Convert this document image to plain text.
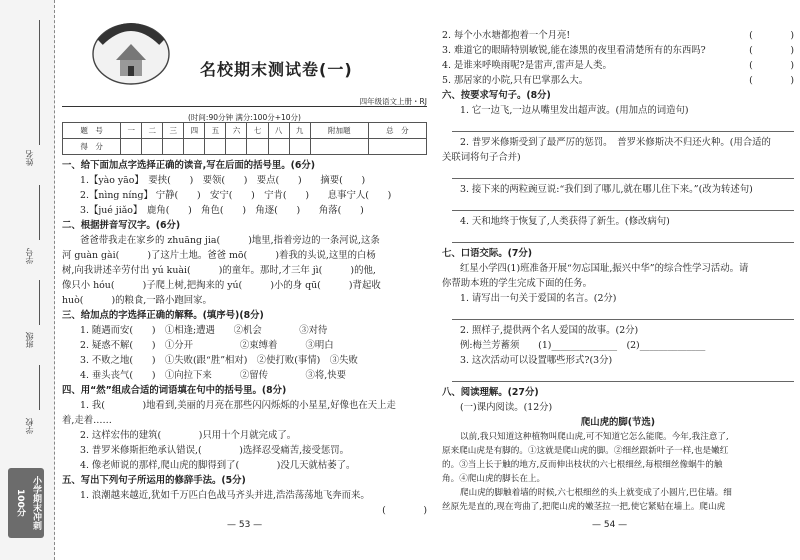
姓名
学号
班级
学校
小学期末冲刺100分
名校期末测试卷(一)
四年级语文上册・RJ
(时间:90分钟 满分:100分+10分)
题　号	一	二	三	四	五	六	七	八	九	附加题	总　分
得　分											
一、给下面加点字选择正确的读音,写在后面的括号里。(6分)
1.【yào yāo】　要挟(　　)　要领(　　)　要点(　　)　　摘要(　　)
2.【nìng níng】 宁静(　　)　安宁(　　)　宁肯(　　)　　息事宁人(　　)
3.【jué jiǎo】　鹿角(　　)　角色(　　)　角逐(　　)　　角落(　　)
二、根据拼音写汉字。(6分)
爸爸带我走在家乡的 zhuāng jia(　　　)地里,指着旁边的一条河说,这条
河 guàn gài(　　　)了这片土地。爸爸 mō(　　　)着我的头说,这里的白杨
树,向我讲述辛劳付出 yú kuài(　　　)的童年。那时,才三年 jì(　　　)的他,
像只小 hóu(　　　)子爬上树,把掏来的 yú(　　　)小的身 qū(　　　)背起收
huò(　　　)的粮食,一路小跑回家。
三、给加点的字选择正确的解释。(填序号)(8分)
1. 随遇而安(　　)　①相逢;遭遇　　②机会　　　　③对待
2. 疑惑不解(　　)　①分开　　　　　②束缚着　　　③明白
3. 不败之地(　　)　①失败(跟“胜”相对)　②使打败(事情)　③失败
4. 垂头丧气(　　)　①向拉下来　　　②留传　　　　③将,快要
四、用“然”组成合适的词语填在句中的括号里。(8分)
1. 我(　　　　)地看到,美丽的月亮在那些闪闪烁烁的小星星,好像也在天上走
着,走着……
2. 这样宏伟的建筑(　　　　)只用十个月就完成了。
3. 普罗米修斯拒绝承认错误,(　　　　)选择忍受痛苦,接受惩罚。
4. 像老师说的那样,爬山虎的脚得到了(　　　　)没几天就枯萎了。
五、写出下列句子所运用的修辞手法。(5分)
1. 浪潮越来越近,犹如千万匹白色战马齐头并进,浩浩荡荡地飞奔而来。
(　　　　)
— 53 —
2. 每个小水塘都抱着一个月亮!	(　　　　)
3. 难道它的眼睛特别敏锐,能在漆黑的夜里看清楚所有的东西吗?	(　　　　)
4. 是谁来呼唤雨呢?是雷声,雷声是人类。	(　　　　)
5. 那居家的小院,只有巴掌那么大。	(　　　　)
六、按要求写句子。(8分)
1. 它一边飞,一边从嘴里发出超声波。(用加点的词造句)
2. 普罗米修斯受到了最严厉的惩罚。　普罗米修斯决不归还火种。(用合适的
关联词将句子合并)
3. 接下来的两粒豌豆说:“我们到了哪儿,就在哪儿住下来。”(改为转述句)
4. 天和地终于恢复了,人类获得了新生。(修改病句)
七、口语交际。(7分)
红星小学四(1)班准备开展“勿忘国耻,振兴中华”的综合性学习活动。请
你帮助本班的学生完成下面的任务。
1. 请写出一句关于爱国的名言。(2分)
2. 照样子,提供两个名人爱国的故事。(2分)
例:梅兰芳蓄须　　(1)______________　(2)______________
3. 这次活动可以设置哪些形式?(3分)
八、阅读理解。(27分)
(一)课内阅读。(12分)
爬山虎的脚(节选)
以前,我只知道这种植物叫爬山虎,可不知道它怎么能爬。今年,我注意了,
原来爬山虎是有脚的。①这就是爬山虎的脚。②细丝跟新叶子一样,也是嫩红
的。③当上长于触的地方,反而伸出枝状的六七根细丝,每根细丝像蜗牛的触
角。④爬山虎的脚长在上。
爬山虎的脚触着墙的时候,六七根细丝的头上就变成了小圆片,巴住墙。细
丝原先是直的,现在弯曲了,把爬山虎的嫩茎拉一把,使它紧贴在墙上。爬山虎
— 54 —
